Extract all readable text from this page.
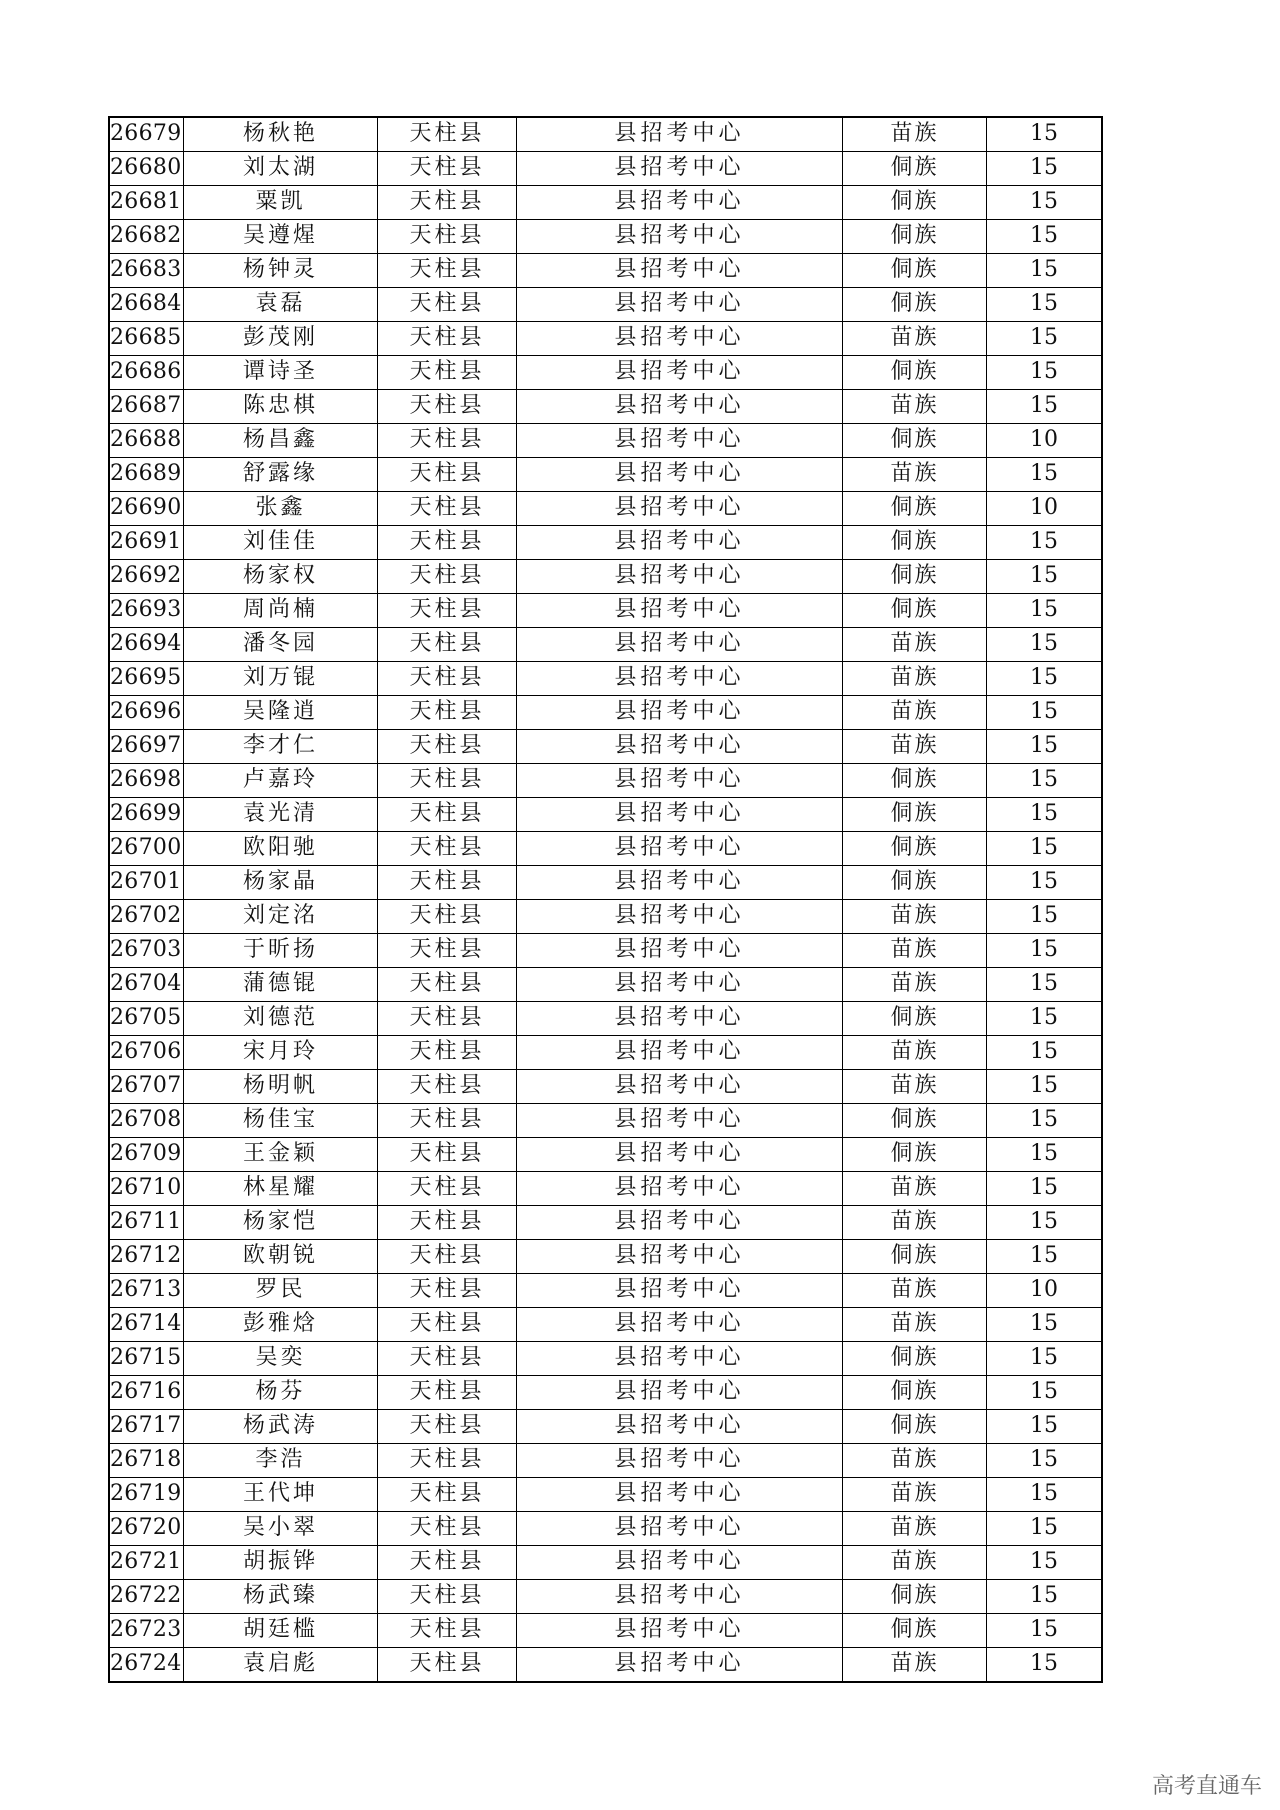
26679	杨秋艳	天柱县	县招考中心	苗族	15
26680	刘太湖	天柱县	县招考中心	侗族	15
26681	粟凯	天柱县	县招考中心	侗族	15
26682	吴遵煋	天柱县	县招考中心	侗族	15
26683	杨钟灵	天柱县	县招考中心	侗族	15
26684	袁磊	天柱县	县招考中心	侗族	15
26685	彭茂刚	天柱县	县招考中心	苗族	15
26686	谭诗圣	天柱县	县招考中心	侗族	15
26687	陈忠棋	天柱县	县招考中心	苗族	15
26688	杨昌鑫	天柱县	县招考中心	侗族	10
26689	舒露缘	天柱县	县招考中心	苗族	15
26690	张鑫	天柱县	县招考中心	侗族	10
26691	刘佳佳	天柱县	县招考中心	侗族	15
26692	杨家权	天柱县	县招考中心	侗族	15
26693	周尚楠	天柱县	县招考中心	侗族	15
26694	潘冬园	天柱县	县招考中心	苗族	15
26695	刘万锟	天柱县	县招考中心	苗族	15
26696	吴隆逍	天柱县	县招考中心	苗族	15
26697	李才仁	天柱县	县招考中心	苗族	15
26698	卢嘉玲	天柱县	县招考中心	侗族	15
26699	袁光清	天柱县	县招考中心	侗族	15
26700	欧阳驰	天柱县	县招考中心	侗族	15
26701	杨家晶	天柱县	县招考中心	侗族	15
26702	刘定洺	天柱县	县招考中心	苗族	15
26703	于昕扬	天柱县	县招考中心	苗族	15
26704	蒲德锟	天柱县	县招考中心	苗族	15
26705	刘德范	天柱县	县招考中心	侗族	15
26706	宋月玲	天柱县	县招考中心	苗族	15
26707	杨明帆	天柱县	县招考中心	苗族	15
26708	杨佳宝	天柱县	县招考中心	侗族	15
26709	王金颖	天柱县	县招考中心	侗族	15
26710	林星耀	天柱县	县招考中心	苗族	15
26711	杨家恺	天柱县	县招考中心	苗族	15
26712	欧朝锐	天柱县	县招考中心	侗族	15
26713	罗民	天柱县	县招考中心	苗族	10
26714	彭雅焓	天柱县	县招考中心	苗族	15
26715	吴奕	天柱县	县招考中心	侗族	15
26716	杨芬	天柱县	县招考中心	侗族	15
26717	杨武涛	天柱县	县招考中心	侗族	15
26718	李浩	天柱县	县招考中心	苗族	15
26719	王代坤	天柱县	县招考中心	苗族	15
26720	吴小翠	天柱县	县招考中心	苗族	15
26721	胡振铧	天柱县	县招考中心	苗族	15
26722	杨武臻	天柱县	县招考中心	侗族	15
26723	胡廷槛	天柱县	县招考中心	侗族	15
26724	袁启彪	天柱县	县招考中心	苗族	15
高考直通车
